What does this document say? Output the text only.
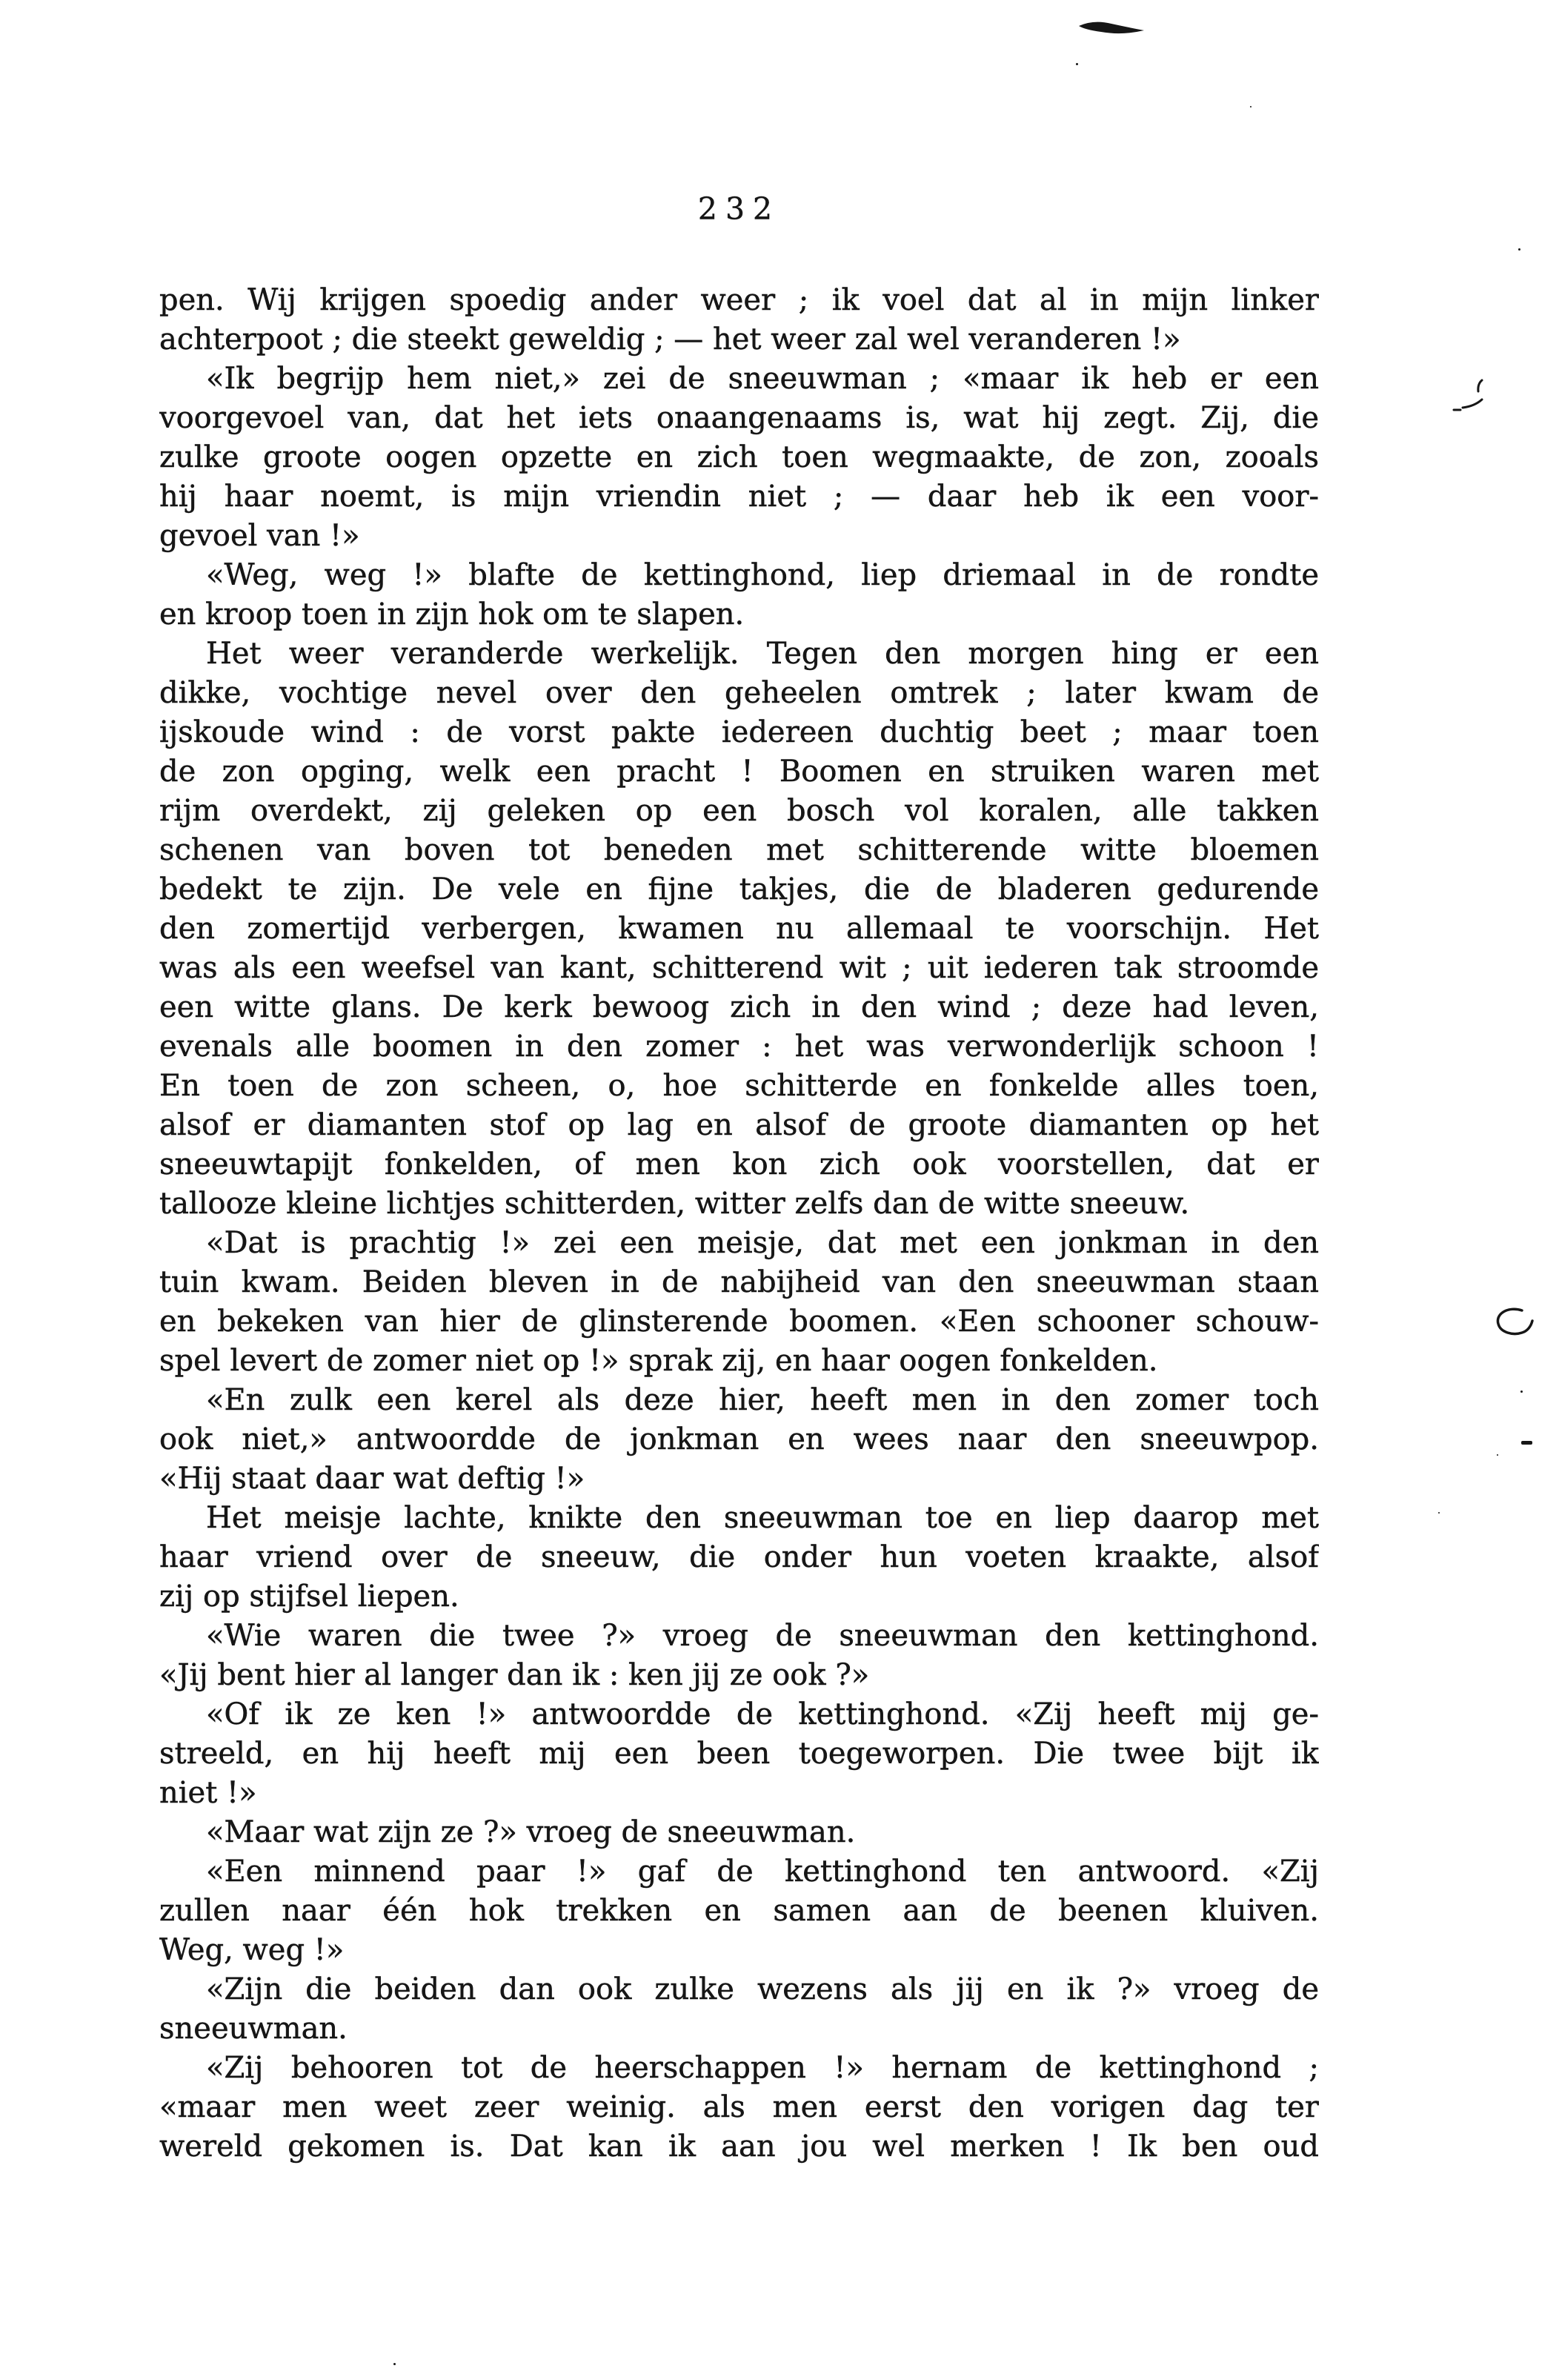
232
pen. Wij krijgen spoedig ander weer ; ik voel dat al in mijn linker
achterpoot ; die steekt geweldig ; — het weer zal wel veranderen !»
«Ik begrijp hem niet,» zei de sneeuwman ; «maar ik heb er een
voorgevoel van, dat het iets onaangenaams is, wat hij zegt. Zij, die
zulke groote oogen opzette en zich toen wegmaakte, de zon, zooals
hij haar noemt, is mijn vriendin niet ; — daar heb ik een voor-
gevoel van !»
«Weg, weg !» blafte de kettinghond, liep driemaal in de rondte
en kroop toen in zijn hok om te slapen.
Het weer veranderde werkelijk. Tegen den morgen hing er een
dikke, vochtige nevel over den geheelen omtrek ; later kwam de
ijskoude wind : de vorst pakte iedereen duchtig beet ; maar toen
de zon opging, welk een pracht ! Boomen en struiken waren met
rijm overdekt, zij geleken op een bosch vol koralen, alle takken
schenen van boven tot beneden met schitterende witte bloemen
bedekt te zijn. De vele en fijne takjes, die de bladeren gedurende
den zomertijd verbergen, kwamen nu allemaal te voorschijn. Het
was als een weefsel van kant, schitterend wit ; uit iederen tak stroomde
een witte glans. De kerk bewoog zich in den wind ; deze had leven,
evenals alle boomen in den zomer : het was verwonderlijk schoon !
En toen de zon scheen, o, hoe schitterde en fonkelde alles toen,
alsof er diamanten stof op lag en alsof de groote diamanten op het
sneeuwtapijt fonkelden, of men kon zich ook voorstellen, dat er
tallooze kleine lichtjes schitterden, witter zelfs dan de witte sneeuw.
«Dat is prachtig !» zei een meisje, dat met een jonkman in den
tuin kwam. Beiden bleven in de nabijheid van den sneeuwman staan
en bekeken van hier de glinsterende boomen. «Een schooner schouw-
spel levert de zomer niet op !» sprak zij, en haar oogen fonkelden.
«En zulk een kerel als deze hier, heeft men in den zomer toch
ook niet,» antwoordde de jonkman en wees naar den sneeuwpop.
«Hij staat daar wat deftig !»
Het meisje lachte, knikte den sneeuwman toe en liep daarop met
haar vriend over de sneeuw, die onder hun voeten kraakte, alsof
zij op stijfsel liepen.
«Wie waren die twee ?» vroeg de sneeuwman den kettinghond.
«Jij bent hier al langer dan ik : ken jij ze ook ?»
«Of ik ze ken !» antwoordde de kettinghond. «Zij heeft mij ge-
streeld, en hij heeft mij een been toegeworpen. Die twee bijt ik
niet !»
«Maar wat zijn ze ?» vroeg de sneeuwman.
«Een minnend paar !» gaf de kettinghond ten antwoord. «Zij
zullen naar één hok trekken en samen aan de beenen kluiven.
Weg, weg !»
«Zijn die beiden dan ook zulke wezens als jij en ik ?» vroeg de
sneeuwman.
«Zij behooren tot de heerschappen !» hernam de kettinghond ;
«maar men weet zeer weinig. als men eerst den vorigen dag ter
wereld gekomen is. Dat kan ik aan jou wel merken ! Ik ben oud
